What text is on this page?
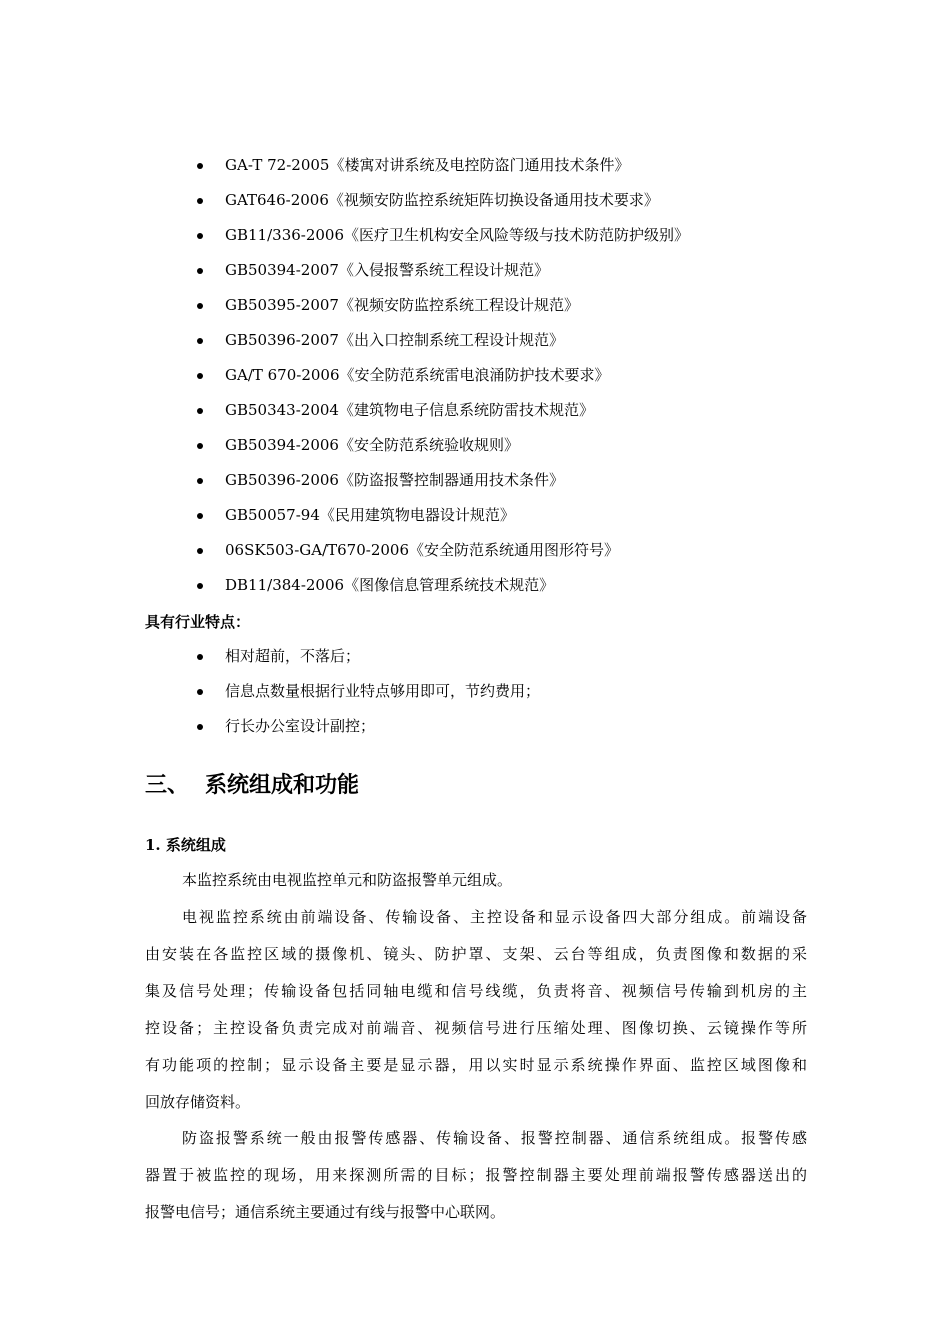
GA-T 72-2005《楼寓对讲系统及电控防盗门通用技术条件》
GAT646-2006《视频安防监控系统矩阵切换设备通用技术要求》
GB11/336-2006《医疗卫生机构安全风险等级与技术防范防护级别》
GB50394-2007《入侵报警系统工程设计规范》
GB50395-2007《视频安防监控系统工程设计规范》
GB50396-2007《出入口控制系统工程设计规范》
GA/T 670-2006《安全防范系统雷电浪涌防护技术要求》
GB50343-2004《建筑物电子信息系统防雷技术规范》
GB50394-2006《安全防范系统验收规则》
GB50396-2006《防盗报警控制器通用技术条件》
GB50057-94《民用建筑物电器设计规范》
06SK503-GA/T670-2006《安全防范系统通用图形符号》
DB11/384-2006《图像信息管理系统技术规范》
具有行业特点：
相对超前，不落后；
信息点数量根据行业特点够用即可，节约费用；
行长办公室设计副控；
三、 系统组成和功能
1. 系统组成
本监控系统由电视监控单元和防盗报警单元组成。
电视监控系统由前端设备、传输设备、主控设备和显示设备四大部分组成。前端设备
由安装在各监控区域的摄像机、镜头、防护罩、支架、云台等组成，负责图像和数据的采
集及信号处理；传输设备包括同轴电缆和信号线缆，负责将音、视频信号传输到机房的主
控设备；主控设备负责完成对前端音、视频信号进行压缩处理、图像切换、云镜操作等所
有功能项的控制；显示设备主要是显示器，用以实时显示系统操作界面、监控区域图像和
回放存储资料。
防盗报警系统一般由报警传感器、传输设备、报警控制器、通信系统组成。报警传感
器置于被监控的现场，用来探测所需的目标；报警控制器主要处理前端报警传感器送出的
报警电信号；通信系统主要通过有线与报警中心联网。
